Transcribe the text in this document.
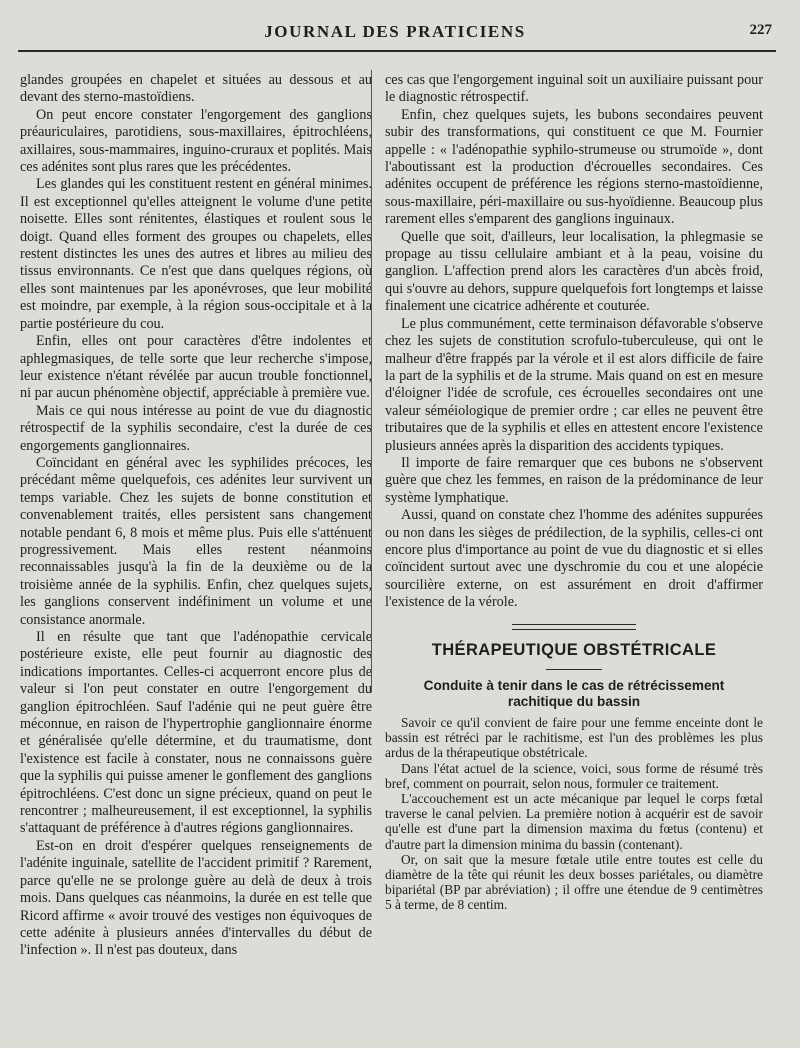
JOURNAL DES PRATICIENS	227

glandes groupées en chapelet et situées au dessous et au devant des sterno-mastoïdiens.

On peut encore constater l'engorgement des ganglions préauriculaires, parotidiens, sous-maxillaires, épitrochléens, axillaires, sous-mammaires, inguino-cruraux et poplités. Mais ces adénites sont plus rares que les précédentes.

Les glandes qui les constituent restent en général minimes. Il est exceptionnel qu'elles atteignent le volume d'une petite noisette. Elles sont rénitentes, élastiques et roulent sous le doigt. Quand elles forment des groupes ou chapelets, elles restent distinctes les unes des autres et libres au milieu des tissus environnants. Ce n'est que dans quelques régions, où elles sont maintenues par les aponévroses, que leur mobilité est moindre, par exemple, à la région sous-occipitale et à la partie postérieure du cou.

Enfin, elles ont pour caractères d'être indolentes et aphlegmasiques, de telle sorte que leur recherche s'impose, leur existence n'étant révélée par aucun trouble fonctionnel, ni par aucun phénomène objectif, appréciable à première vue.

Mais ce qui nous intéresse au point de vue du diagnostic rétrospectif de la syphilis secondaire, c'est la durée de ces engorgements ganglionnaires.

Coïncidant en général avec les syphilides précoces, les précédant même quelquefois, ces adénites leur survivent un temps variable. Chez les sujets de bonne constitution et convenablement traités, elles persistent sans changement notable pendant 6, 8 mois et même plus. Puis elle s'atténuent progressivement. Mais elles restent néanmoins reconnaissables jusqu'à la fin de la deuxième ou de la troisième année de la syphilis. Enfin, chez quelques sujets, les ganglions conservent indéfiniment un volume et une consistance anormale.

Il en résulte que tant que l'adénopathie cervicale postérieure existe, elle peut fournir au diagnostic des indications importantes. Celles-ci acquerront encore plus de valeur si l'on peut constater en outre l'engorgement du ganglion épitrochléen. Sauf l'adénie qui ne peut guère être méconnue, en raison de l'hypertrophie ganglionnaire énorme et généralisée qu'elle détermine, et du traumatisme, dont l'existence est facile à constater, nous ne connaissons guère que la syphilis qui puisse amener le gonflement des ganglions épitrochléens. C'est donc un signe précieux, quand on peut le rencontrer ; malheureusement, il est exceptionnel, la syphilis s'attaquant de préférence à d'autres régions ganglionnaires.

Est-on en droit d'espérer quelques renseignements de l'adénite inguinale, satellite de l'accident primitif ? Rarement, parce qu'elle ne se prolonge guère au delà de deux à trois mois. Dans quelques cas néanmoins, la durée en est telle que Ricord affirme « avoir trouvé des vestiges non équivoques de cette adénite à plusieurs années d'intervalles du début de l'infection ». Il n'est pas douteux, dans

ces cas que l'engorgement inguinal soit un auxiliaire puissant pour le diagnostic rétrospectif.

Enfin, chez quelques sujets, les bubons secondaires peuvent subir des transformations, qui constituent ce que M. Fournier appelle : « l'adénopathie syphilo-strumeuse ou strumoïde », dont l'aboutissant est la production d'écrouelles secondaires. Ces adénites occupent de préférence les régions sterno-mastoïdienne, sous-maxillaire, péri-maxillaire ou sus-hyoïdienne. Beaucoup plus rarement elles s'emparent des ganglions inguinaux.

Quelle que soit, d'ailleurs, leur localisation, la phlegmasie se propage au tissu cellulaire ambiant et à la peau, voisine du ganglion. L'affection prend alors les caractères d'un abcès froid, qui s'ouvre au dehors, suppure quelquefois fort longtemps et laisse finalement une cicatrice adhérente et couturée.

Le plus communément, cette terminaison défavorable s'observe chez les sujets de constitution scrofulo-tuberculeuse, qui ont le malheur d'être frappés par la vérole et il est alors difficile de faire la part de la syphilis et de la strume. Mais quand on est en mesure d'éloigner l'idée de scrofule, ces écrouelles secondaires ont une valeur séméiologique de premier ordre ; car elles ne peuvent être tributaires que de la syphilis et elles en attestent encore l'existence plusieurs années après la disparition des accidents typiques.

Il importe de faire remarquer que ces bubons ne s'observent guère que chez les femmes, en raison de la prédominance de leur système lymphatique.

Aussi, quand on constate chez l'homme des adénites suppurées ou non dans les sièges de prédilection, de la syphilis, celles-ci ont encore plus d'importance au point de vue du diagnostic et si elles coïncident surtout avec une dyschromie du cou et une alopécie sourcilière externe, on est assurément en droit d'affirmer l'existence de la vérole.

THÉRAPEUTIQUE OBSTÉTRICALE
Conduite à tenir dans le cas de rétrécissement
rachitique du bassin

Savoir ce qu'il convient de faire pour une femme enceinte dont le bassin est rétréci par le rachitisme, est l'un des problèmes les plus ardus de la thérapeutique obstétricale.

Dans l'état actuel de la science, voici, sous forme de résumé très bref, comment on pourrait, selon nous, formuler ce traitement.

L'accouchement est un acte mécanique par lequel le corps fœtal traverse le canal pelvien. La première notion à acquérir est de savoir qu'elle est d'une part la dimension maxima du fœtus (contenu) et d'autre part la dimension minima du bassin (contenant).

Or, on sait que la mesure fœtale utile entre toutes est celle du diamètre de la tête qui réunit les deux bosses pariétales, ou diamètre bipariétal (BP par abréviation) ; il offre une étendue de 9 centimètres 5 à terme, de 8 centim.
